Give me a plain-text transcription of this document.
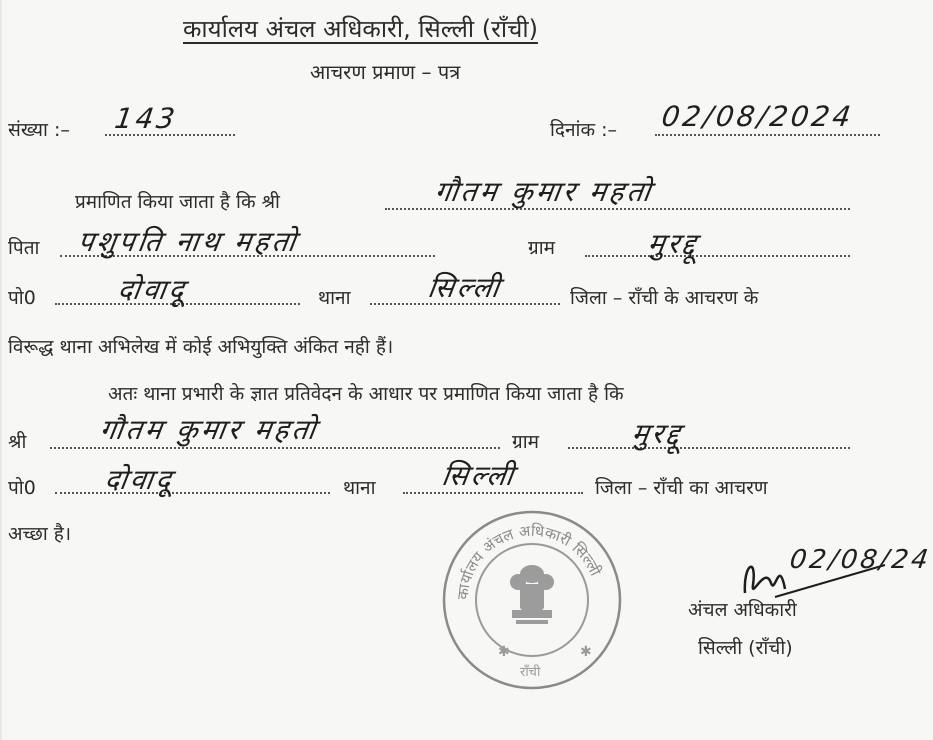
कार्यालय अंचल अधिकारी, सिल्ली (राँची)
आचरण प्रमाण – पत्र
संख्या :– 143	दिनांक :– 02/08/2024
प्रमाणित किया जाता है कि श्री	गौतम कुमार महतो
पिता पशुपति नाथ महतो	ग्राम	मुरद्दू
पो0	दोवादू	थाना	सिल्ली	जिला – राँची के आचरण के
विरूद्ध थाना अभिलेख में कोई अभियुक्ति अंकित नही हैं।
अतः थाना प्रभारी के ज्ञात प्रतिवेदन के आधार पर प्रमाणित किया जाता है कि
श्री	गौतम कुमार महतो	ग्राम	मुरद्दू
पो0 दोवादू	थाना सिल्ली	जिला – राँची का आचरण
अच्छा है।
कार्यालय अंचल अधिकारी सिल्ली
✱	✱
राँची
02/08/24
अंचल अधिकारी
सिल्ली (राँची)
